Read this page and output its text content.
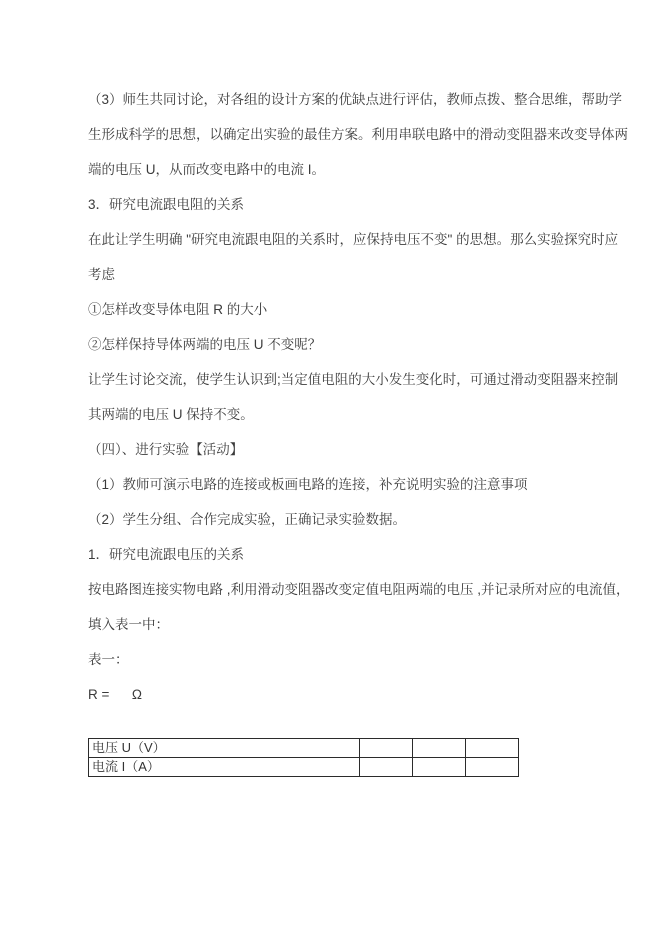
（3）师生共同讨论，对各组的设计方案的优缺点进行评估，教师点拨、整合思维，帮助学
生形成科学的思想，以确定出实验的最佳方案。利用串联电路中的滑动变阻器来改变导体两
端的电压 U，从而改变电路中的电流 I。
3．研究电流跟电阻的关系
在此让学生明确 "研究电流跟电阻的关系时，应保持电压不变" 的思想。那么实验探究时应
考虑
①怎样改变导体电阻 R 的大小
②怎样保持导体两端的电压 U 不变呢？
让学生讨论交流，使学生认识到;当定值电阻的大小发生变化时，可通过滑动变阻器来控制
其两端的电压 U 保持不变。
（四）、进行实验【活动】
（1）教师可演示电路的连接或板画电路的连接，补充说明实验的注意事项
（2）学生分组、合作完成实验，正确记录实验数据。
1．研究电流跟电压的关系
按电路图连接实物电路 ,利用滑动变阻器改变定值电阻两端的电压 ,并记录所对应的电流值，
填入表一中：
表一：
R =      Ω
电压 U（V）			
电流 I（A）			
